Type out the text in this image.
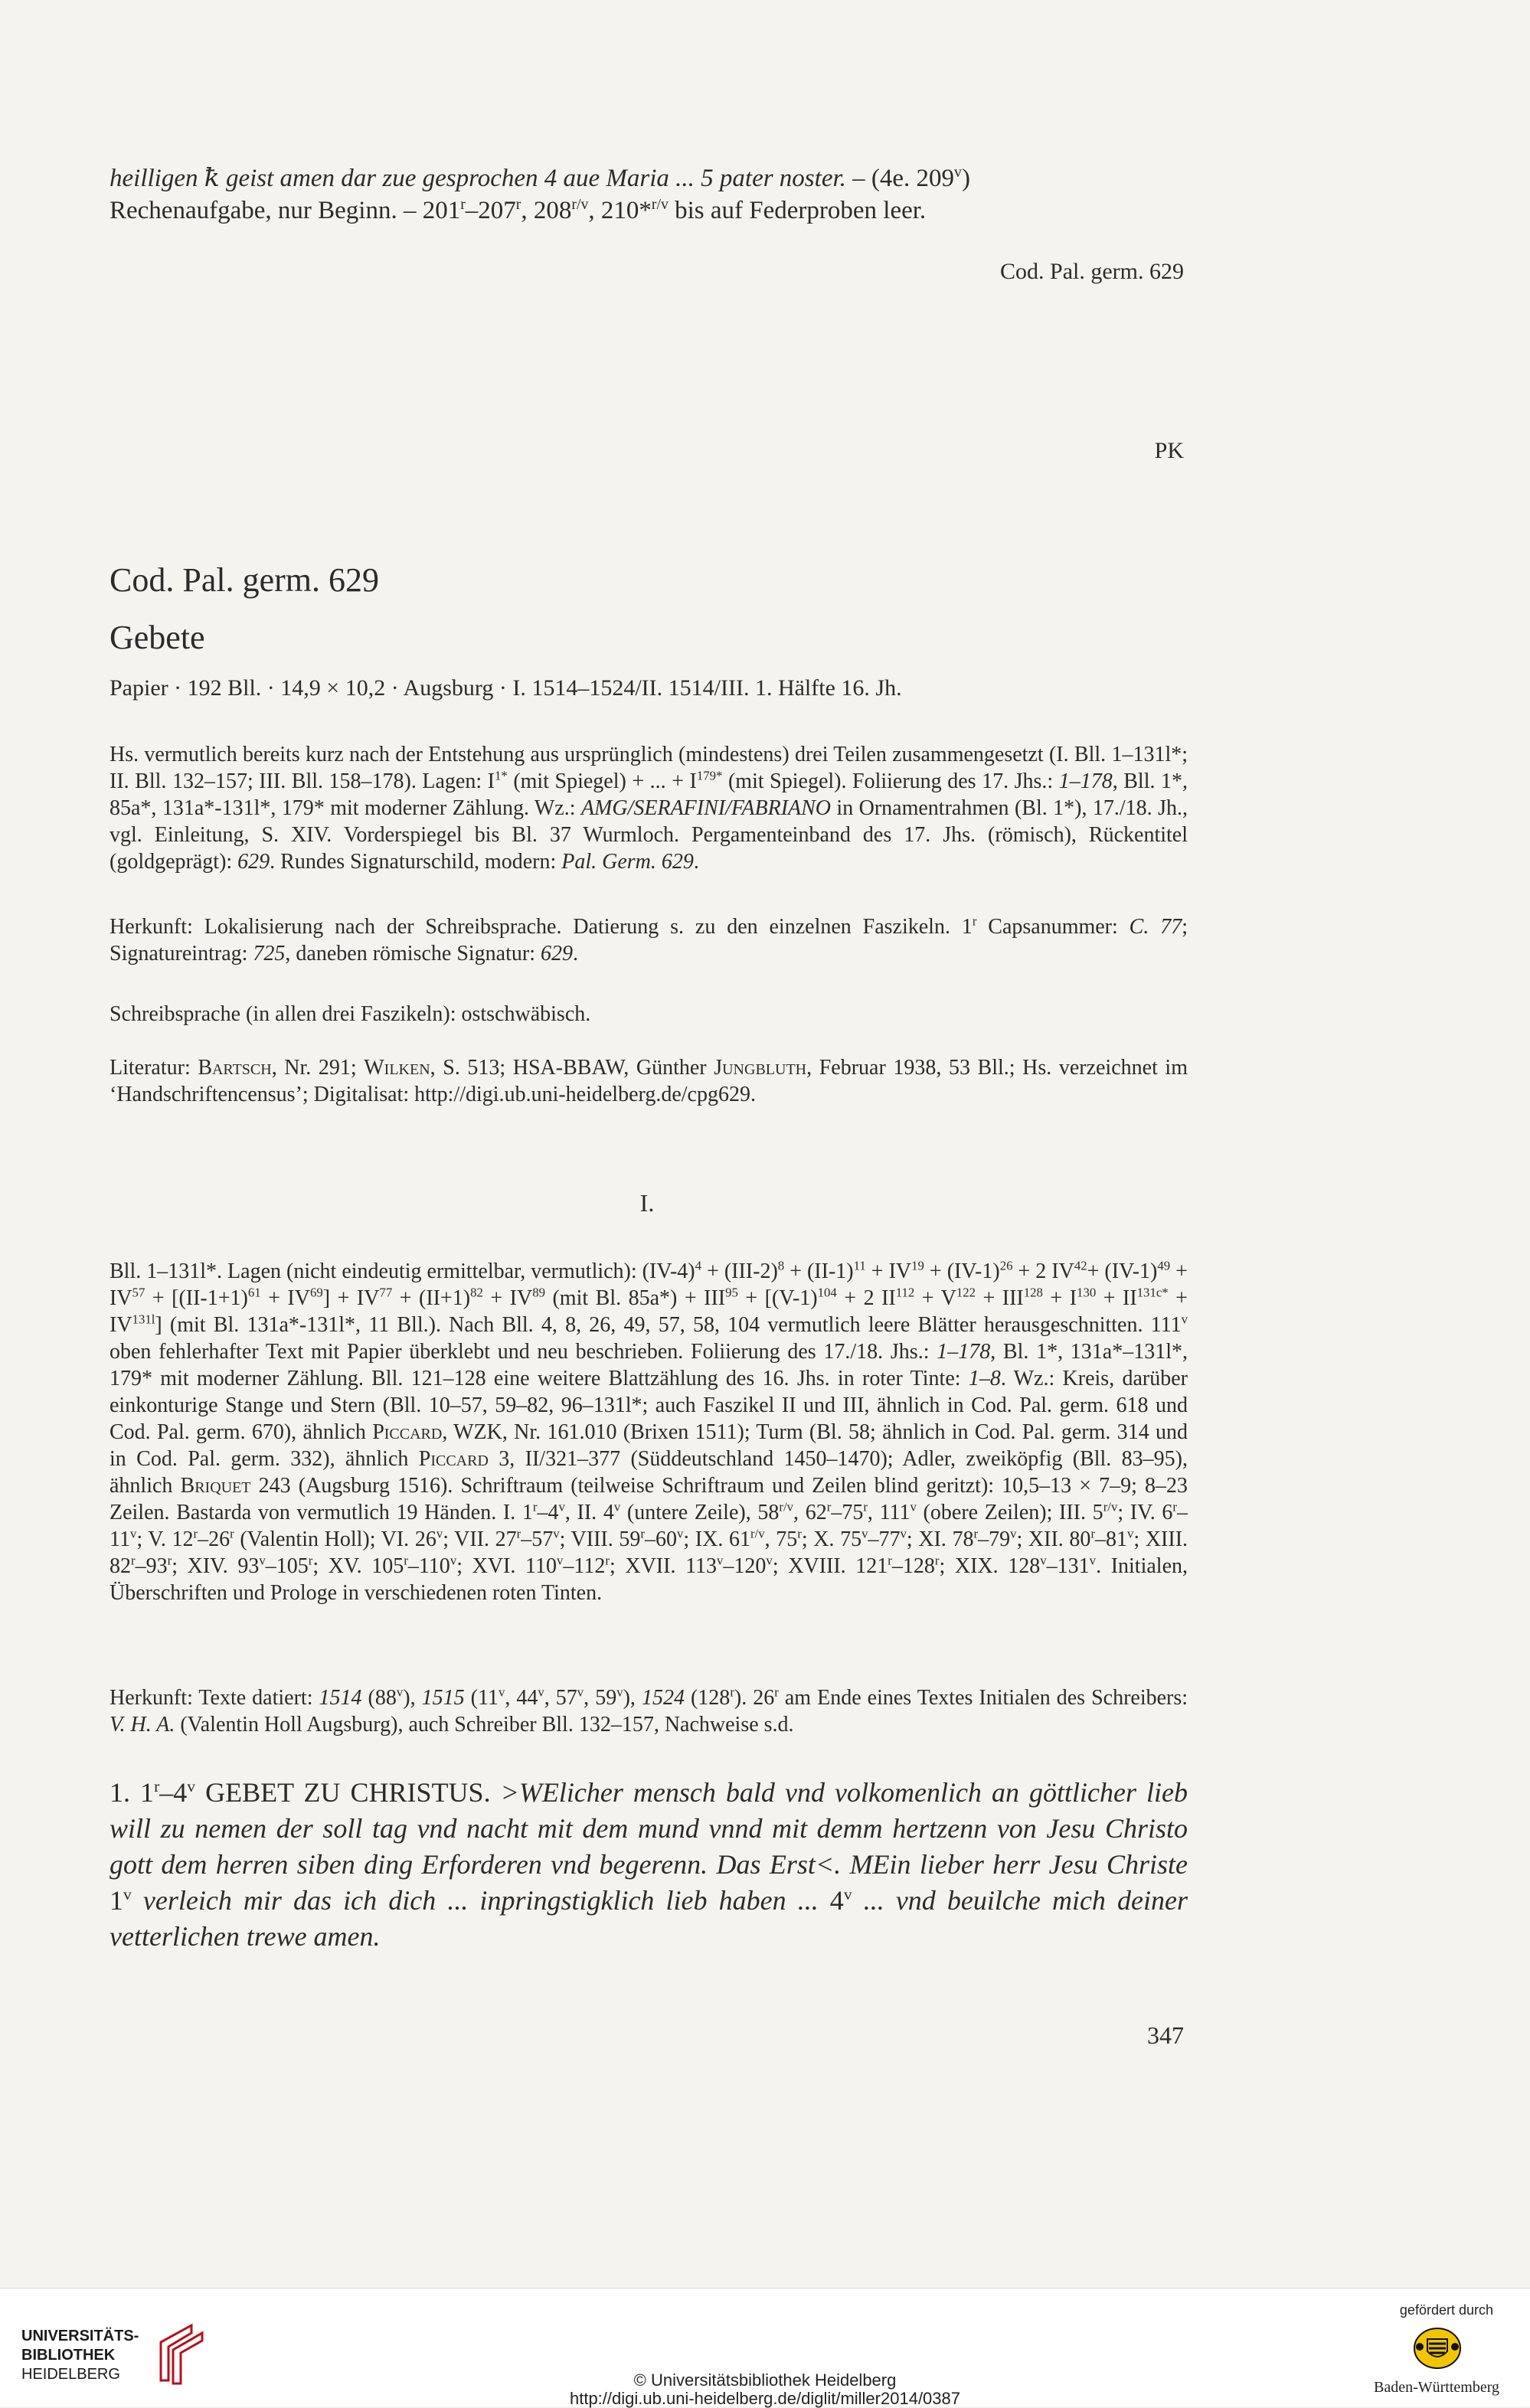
Cod. Pal. germ. 629
heilligen ꝁ geist amen dar zue gesprochen 4 aue Maria ... 5 pater noster. – (4e. 209$^v$)
Rechenaufgabe, nur Beginn. – 201$^r$–207$^r$, $208^{r/v}$, 210*$^{r/v}$ bis auf Federproben leer.
PK
Cod. Pal. germ. 629
Gebete
Papier · 192 Bll. · 14,9 × 10,2 · Augsburg · I. 1514–1524/II. 1514/III. 1. Hälfte 16. Jh.
Hs. vermutlich bereits kurz nach der Entstehung aus ursprünglich (mindestens) drei Teilen zusammengesetzt (I. Bll. 1–131l*; II. Bll. 132–157; III. Bll. 158–178). Lagen: $I^{1*}$ (mit Spiegel) + ... + $I^{179*}$ (mit Spiegel). Foliierung des 17. Jhs.: 1–178, Bll. 1*, 85a*, 131a*-131l*, 179* mit moderner Zählung. Wz.: AMG/SERAFINI/FABRIANO in Ornamentrahmen (Bl. 1*), 17./18. Jh., vgl. Einleitung, S. XIV. Vorderspiegel bis Bl. 37 Wurmloch. Pergamenteinband des 17. Jhs. (römisch), Rückentitel (goldgeprägt): 629. Rundes Signaturschild, modern: Pal. Germ. 629.
Herkunft: Lokalisierung nach der Schreibsprache. Datierung s. zu den einzelnen Faszikeln. 1$^r$ Capsanummer: C. 77; Signatureintrag: 725, daneben römische Signatur: 629.
Schreibsprache (in allen drei Faszikeln): ostschwäbisch.
Literatur: Bartsch, Nr. 291; Wilken, S. 513; HSA-BBAW, Günther Jungbluth, Februar 1938, 53 Bll.; Hs. verzeichnet im ‘Handschriftencensus’; Digitalisat: http://digi.ub.uni-heidelberg.de/cpg629.
I.
Bll. 1–131l*. Lagen (nicht eindeutig ermittelbar, vermutlich): $(IV-4)^4 + (III-2)^8 + (II-1)^{11} + IV^{19} + (IV-1)^{26} + 2$ $IV^{42}+ (IV-1)^{49} + IV^{57} + [(II-1+1)^{61} + IV^{69}] + IV^{77} + (II+1)^{82} + IV^{89}$ (mit Bl. $85a*) + III^{95} + [(V-1)^{104} + 2$ $II^{112} + V^{122} + III^{128} + I^{130} + II^{131c*} + IV^{131l}$] (mit Bl. 131a*-131l*, 11 Bll.). Nach Bll. 4, 8, 26, 49, 57, 58, 104 vermutlich leere Blätter herausgeschnitten. 111$^v$ oben fehlerhafter Text mit Papier überklebt und neu beschrieben. Foliierung des 17./18. Jhs.: 1–178, Bl. 1*, 131a*–131l*, 179* mit moderner Zählung. Bll. 121–128 eine weitere Blattzählung des 16. Jhs. in roter Tinte: 1–8. Wz.: Kreis, darüber einkonturige Stange und Stern (Bll. 10–57, 59–82, 96–131l*; auch Faszikel II und III, ähnlich in Cod. Pal. germ. 618 und Cod. Pal. germ. 670), ähnlich Piccard, WZK, Nr. 161.010 (Brixen 1511); Turm (Bl. 58; ähnlich in Cod. Pal. germ. 314 und in Cod. Pal. germ. 332), ähnlich Piccard 3, II/321–377 (Süddeutschland 1450–1470); Adler, zweiköpfig (Bll. 83–95), ähnlich Briquet 243 (Augsburg 1516). Schriftraum (teilweise Schriftraum und Zeilen blind geritzt): 10,5–13 × 7–9; 8–23 Zeilen. Bastarda von vermutlich 19 Händen. I. 1$^r$–4$^v$, II. 4$^v$ (untere Zeile), $58^{r/v}$, 62$^r$–75$^r$, 111$^v$ (obere Zeilen); III. $5^{r/v}$; IV. 6$^r$–11$^v$; V. 12$^r$–26$^r$ (Valentin Holl); VI. 26$^v$; VII. 27$^r$–57$^v$; VIII. 59$^r$–60$^v$; IX. $61^{r/v}$, 75$^r$; X. 75$^v$–77$^v$; XI. 78$^r$–79$^v$; XII. 80$^r$–81$^v$; XIII. 82$^r$–93$^r$; XIV. 93$^v$–105$^r$; XV. 105$^r$–110$^v$; XVI. 110$^v$–112$^r$; XVII. 113$^v$–120$^v$; XVIII. 121$^r$–128$^r$; XIX. 128$^v$–131$^v$. Initialen, Überschriften und Prologe in verschiedenen roten Tinten.
Herkunft: Texte datiert: 1514 (88$^v$), 1515 (11$^v$, 44$^v$, 57$^v$, 59$^v$), 1524 (128$^r$). 26$^r$ am Ende eines Textes Initialen des Schreibers: V. H. A. (Valentin Holl Augsburg), auch Schreiber Bll. 132–157, Nachweise s.d.
1. 1$^r$–4$^v$ GEBET ZU CHRISTUS. >WElicher mensch bald vnd volkomenlich an göttlicher lieb will zu nemen der soll tag vnd nacht mit dem mund vnnd mit demm hertzenn von Jesu Christo gott dem herren siben ding Erforderen vnd begerenn. Das Erst<. MEin lieber herr Jesu Christe 1$^v$ verleich mir das ich dich ... inpringstigklich lieb haben ... 4$^v$ ... vnd beuilche mich deiner vetterlichen trewe amen.
347
UNIVERSITÄTS-
BIBLIOTHEK
HEIDELBERG	© Universitätsbibliothek Heidelberg
http://digi.ub.uni-heidelberg.de/diglit/miller2014/0387
gefördert durch
Baden-Württemberg
